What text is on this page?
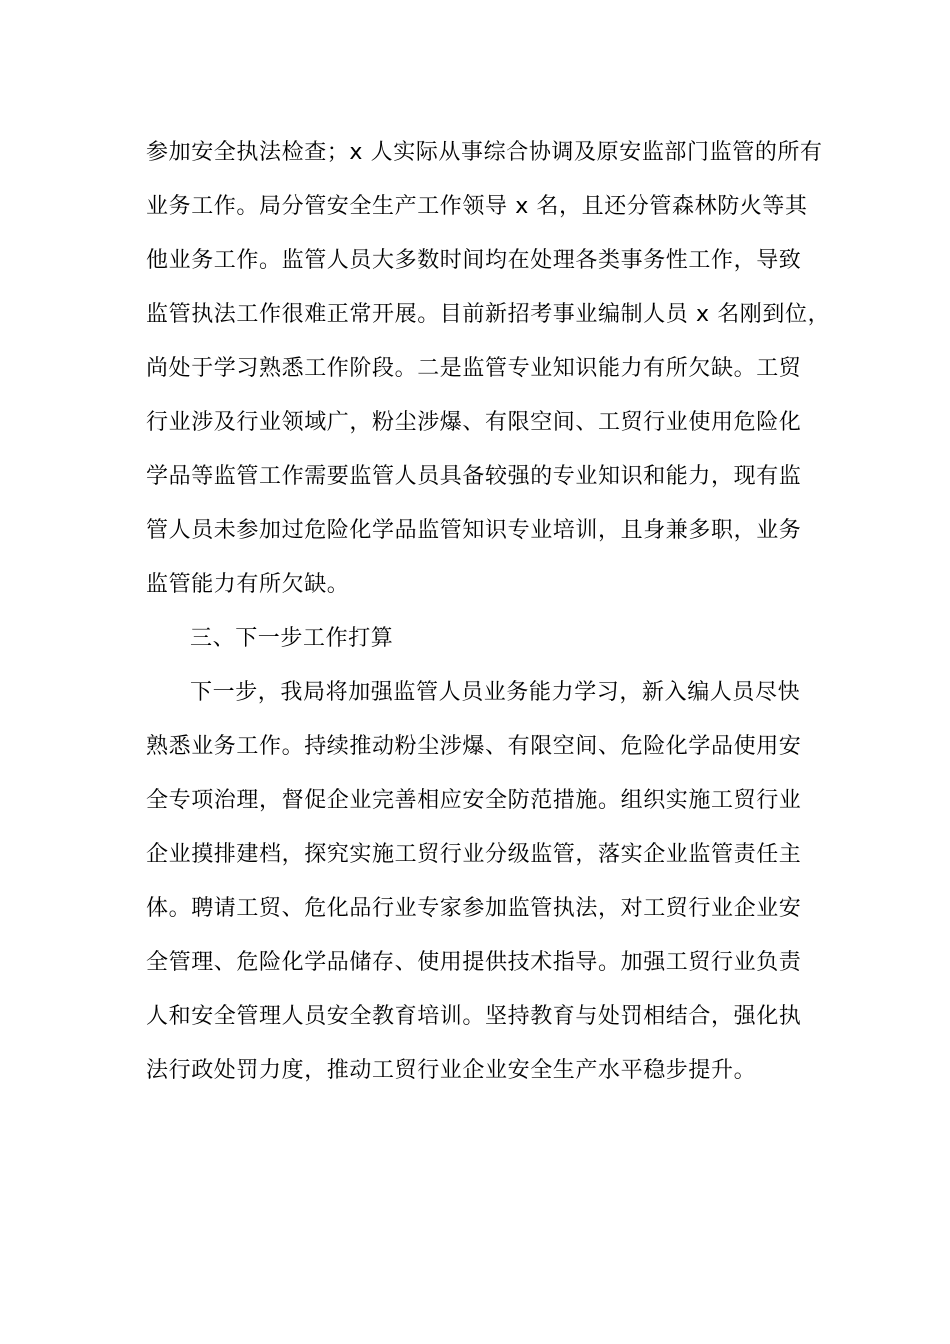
参加安全执法检查；x 人实际从事综合协调及原安监部门监管的所有
业务工作。局分管安全生产工作领导 x 名，且还分管森林防火等其
他业务工作。监管人员大多数时间均在处理各类事务性工作，导致
监管执法工作很难正常开展。目前新招考事业编制人员 x 名刚到位，
尚处于学习熟悉工作阶段。二是监管专业知识能力有所欠缺。工贸
行业涉及行业领域广，粉尘涉爆、有限空间、工贸行业使用危险化
学品等监管工作需要监管人员具备较强的专业知识和能力，现有监
管人员未参加过危险化学品监管知识专业培训，且身兼多职，业务
监管能力有所欠缺。
三、下一步工作打算
下一步，我局将加强监管人员业务能力学习，新入编人员尽快
熟悉业务工作。持续推动粉尘涉爆、有限空间、危险化学品使用安
全专项治理，督促企业完善相应安全防范措施。组织实施工贸行业
企业摸排建档，探究实施工贸行业分级监管，落实企业监管责任主
体。聘请工贸、危化品行业专家参加监管执法，对工贸行业企业安
全管理、危险化学品储存、使用提供技术指导。加强工贸行业负责
人和安全管理人员安全教育培训。坚持教育与处罚相结合，强化执
法行政处罚力度，推动工贸行业企业安全生产水平稳步提升。
